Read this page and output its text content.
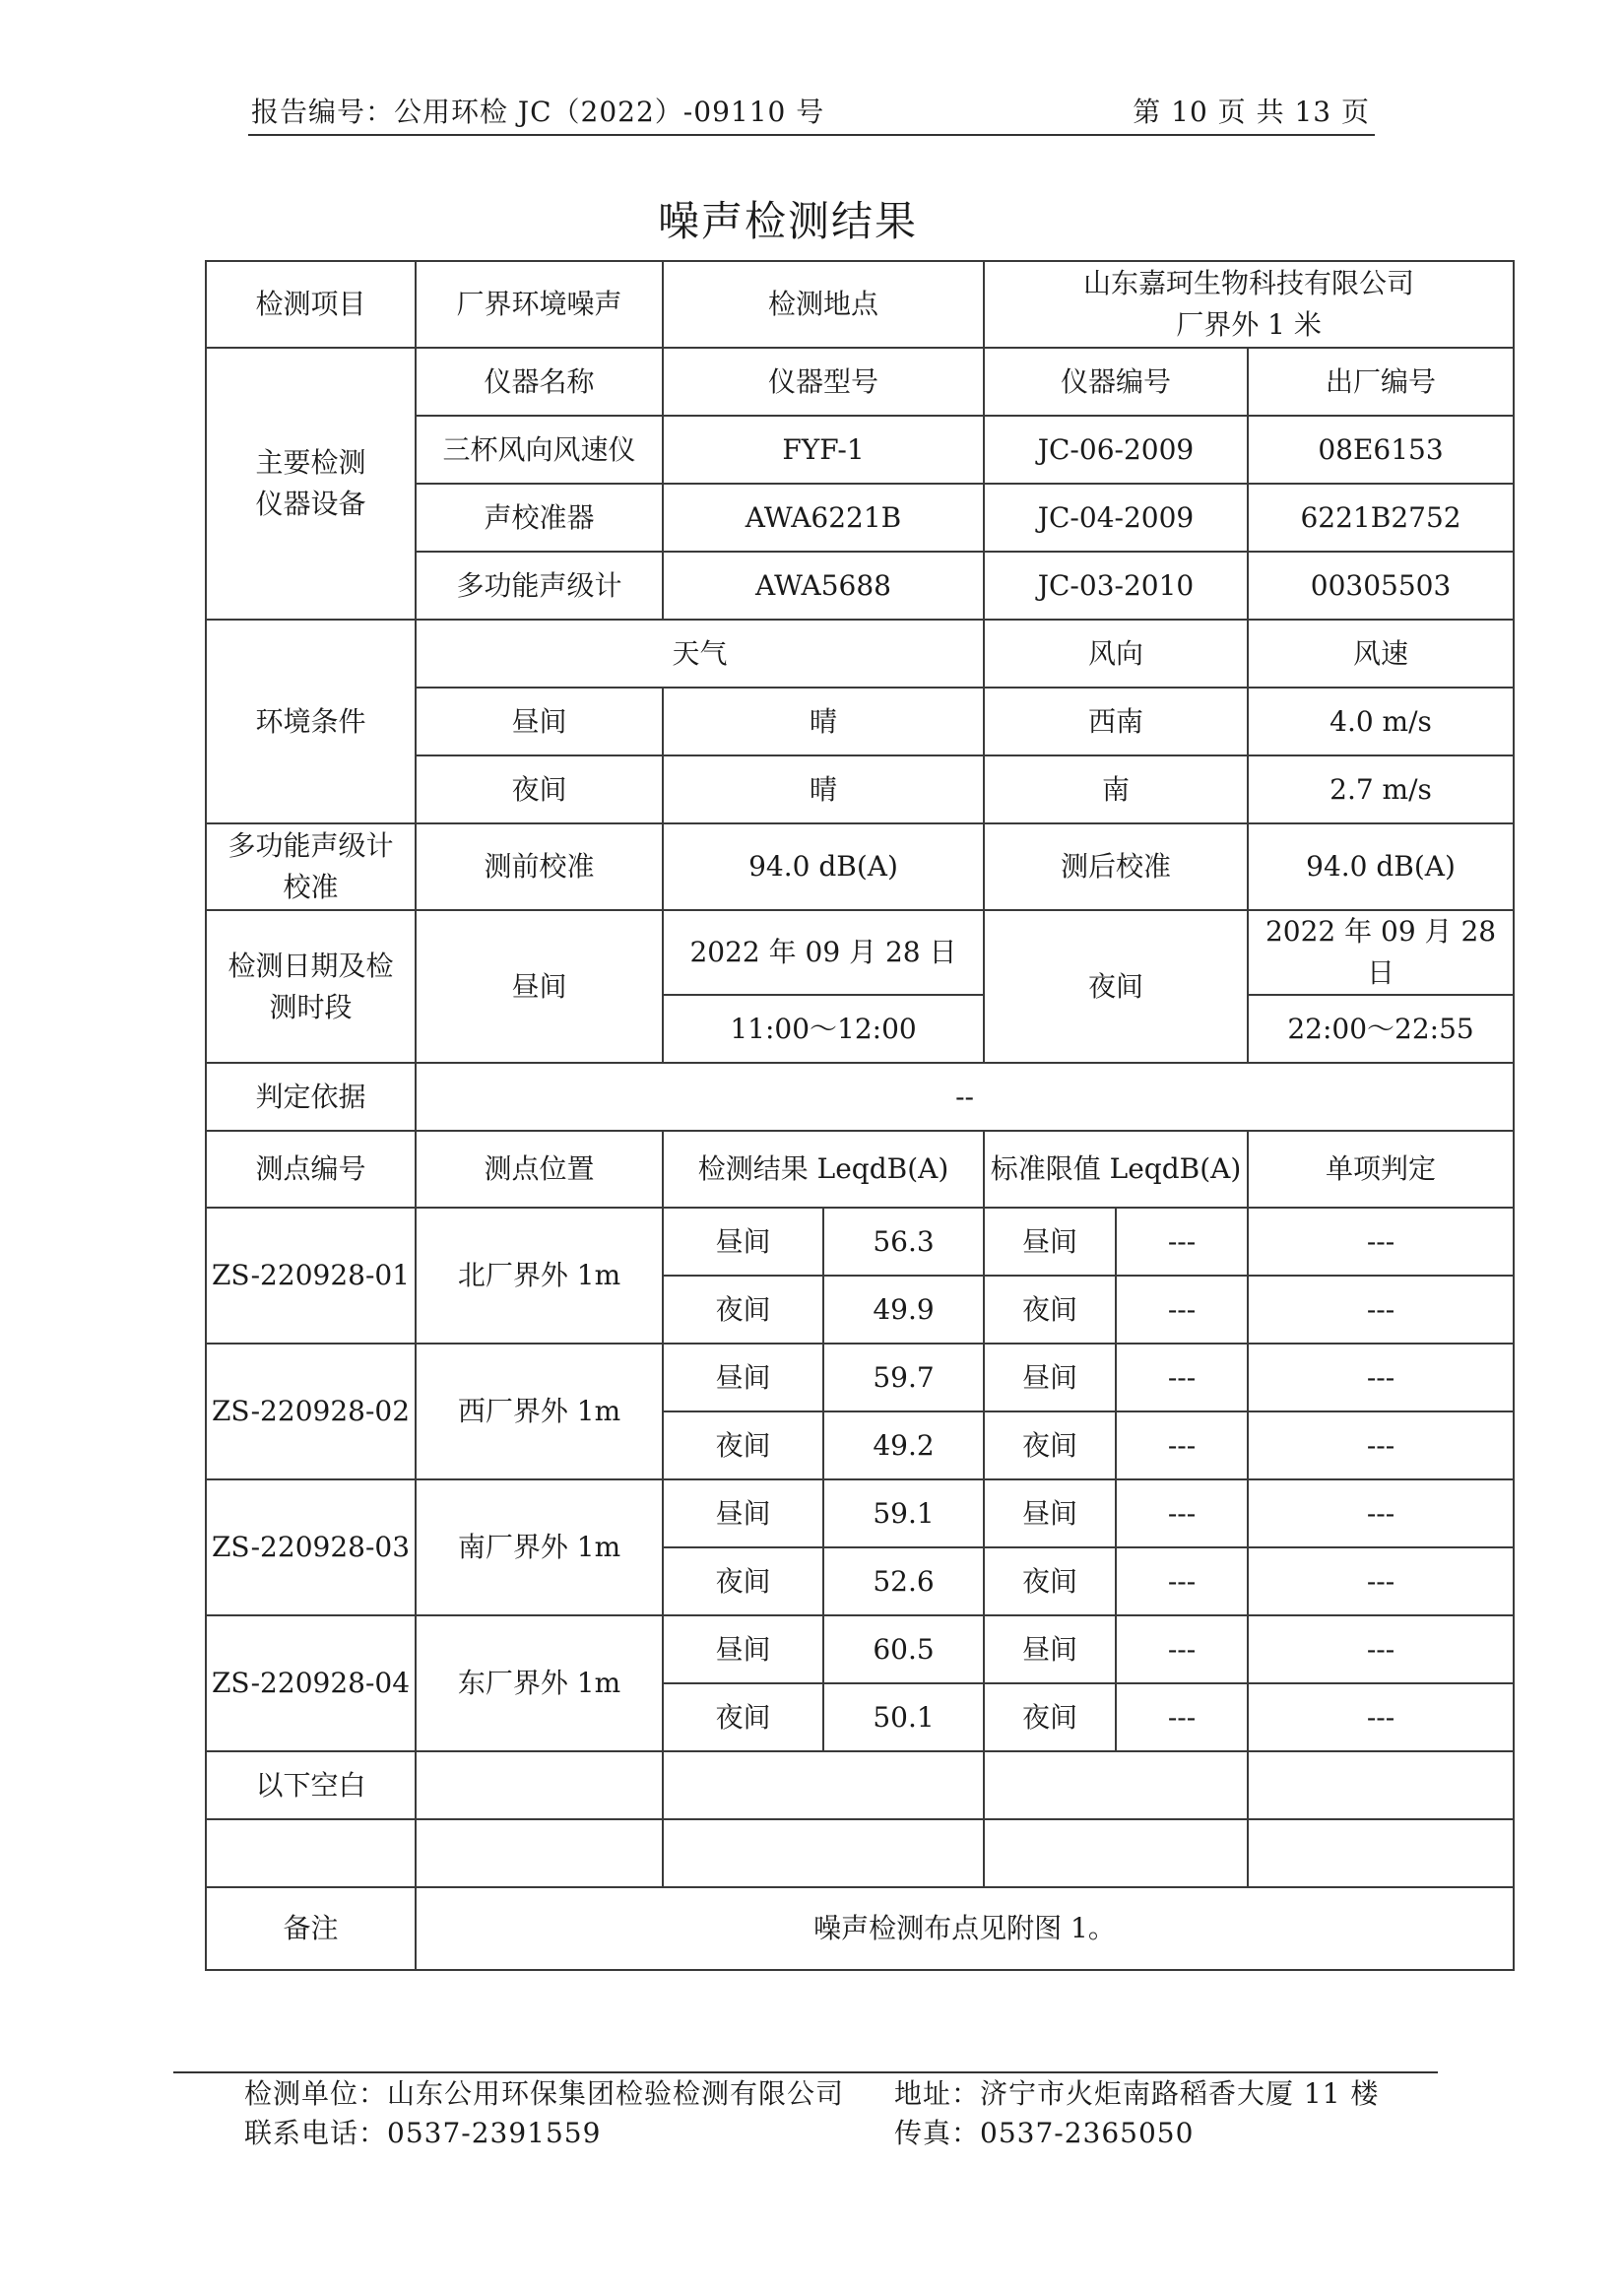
报告编号：公用环检 JC（2022）-09110 号	第 10 页 共 13 页
噪声检测结果
检测项目	厂界环境噪声	检测地点		山东嘉珂生物科技有限公司
厂界外 1 米		

主要检测
仪器设备	仪器名称	仪器型号		仪器编号		出厂编号
	三杯风向风速仪	FYF-1		JC-06-2009		08E6153
	声校准器	AWA6221B		JC-04-2009		6221B2752
	多功能声级计	AWA5688		JC-03-2010		00305503
环境条件	天气			风向		风速
	昼间	晴		西南		4.0 m/s
	夜间	晴		南		2.7 m/s

多功能声级计
校准	测前校准	94.0 dB(A)		测后校准		94.0 dB(A)

检测日期及检
测时段	昼间	2022 年 09 月 28 日		夜间		2022 年 09 月 28 日
		11:00～12:00				22:00～22:55
判定依据	--					
测点编号	测点位置	检测结果 LeqdB(A)		标准限值 LeqdB(A)		单项判定
ZS-220928-01	北厂界外 1m	昼间	56.3	昼间	---	---
		夜间	49.9	夜间	---	---
ZS-220928-02	西厂界外 1m	昼间	59.7	昼间	---	---
		夜间	49.2	夜间	---	---
ZS-220928-03	南厂界外 1m	昼间	59.1	昼间	---	---
		夜间	52.6	夜间	---	---
ZS-220928-04	东厂界外 1m	昼间	60.5	昼间	---	---
		夜间	50.1	夜间	---	---
以下空白						

备注	噪声检测布点见附图 1。					
检测单位：山东公用环保集团检验检测有限公司 地址：济宁市火炬南路稻香大厦 11 楼
联系电话：0537-2391559	传真：0537-2365050
